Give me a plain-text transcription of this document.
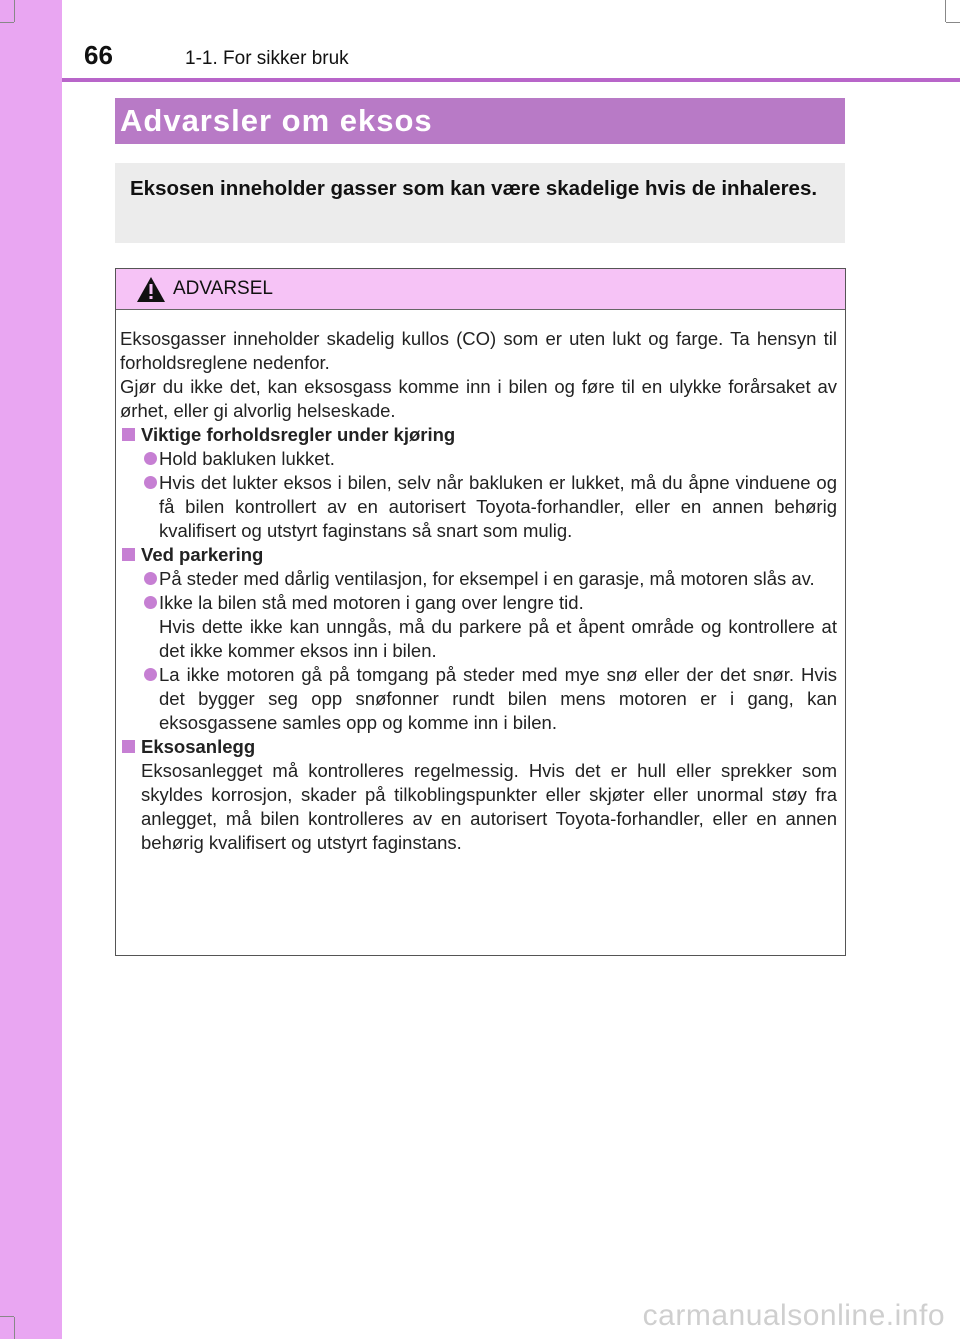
66	1-1. For sikker bruk
Advarsler om eksos

Eksosen inneholder gasser som kan være skadelige hvis de inhaleres.

ADVARSEL

Eksosgasser inneholder skadelig kullos (CO) som er uten lukt og farge. Ta hensyn til forholdsreglene nedenfor.

Gjør du ikke det, kan eksosgass komme inn i bilen og føre til en ulykke forårsaket av ørhet, eller gi alvorlig helseskade.

Viktige forholdsregler under kjøring

Hold bakluken lukket.

Hvis det lukter eksos i bilen, selv når bakluken er lukket, må du åpne vinduene og få bilen kontrollert av en autorisert Toyota-forhandler, eller en annen behørig kvalifisert og utstyrt faginstans så snart som mulig.

Ved parkering

På steder med dårlig ventilasjon, for eksempel i en garasje, må motoren slås av.

Ikke la bilen stå med motoren i gang over lengre tid.
Hvis dette ikke kan unngås, må du parkere på et åpent område og kontrollere at det ikke kommer eksos inn i bilen.

La ikke motoren gå på tomgang på steder med mye snø eller der det snør. Hvis det bygger seg opp snøfonner rundt bilen mens motoren er i gang, kan eksosgassene samles opp og komme inn i bilen.

Eksosanlegg

Eksosanlegget må kontrolleres regelmessig. Hvis det er hull eller sprekker som skyldes korrosjon, skader på tilkoblingspunkter eller skjøter eller unormal støy fra anlegget, må bilen kontrolleres av en autorisert Toyota-forhandler, eller en annen behørig kvalifisert og utstyrt faginstans.

carmanualsonline.info
